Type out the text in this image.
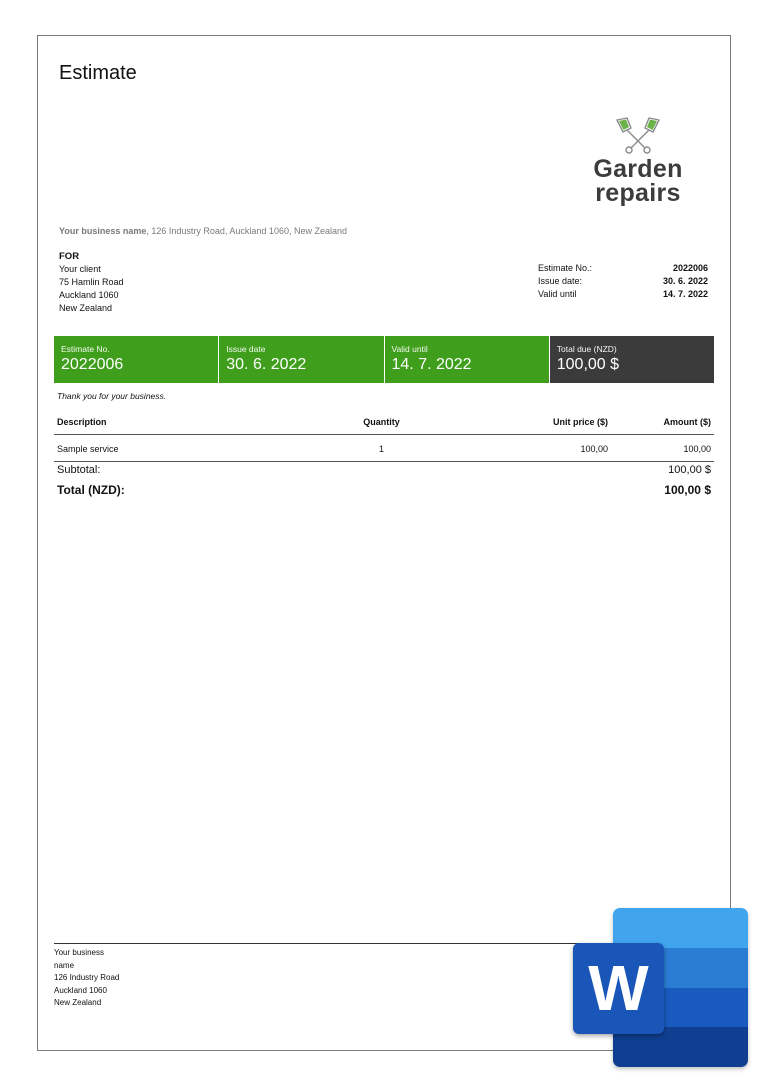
Estimate
Garden
repairs
Your business name, 126 Industry Road, Auckland 1060, New Zealand
FOR
Your client
75 Hamlin Road
Auckland 1060
New Zealand
Estimate No.:	2022006
Issue date:	30. 6. 2022
Valid until	14. 7. 2022
Estimate No.
2022006
Issue date
30. 6. 2022
Valid until
14. 7. 2022
Total due (NZD)
100,00 $
Thank you for your business.
Description	Quantity	Unit price ($)	Amount ($)
Sample service	1	100,00	100,00
Subtotal:	100,00 $
Total (NZD):	100,00 $
Your business
name
126 Industry Road
Auckland 1060
New Zealand	W
